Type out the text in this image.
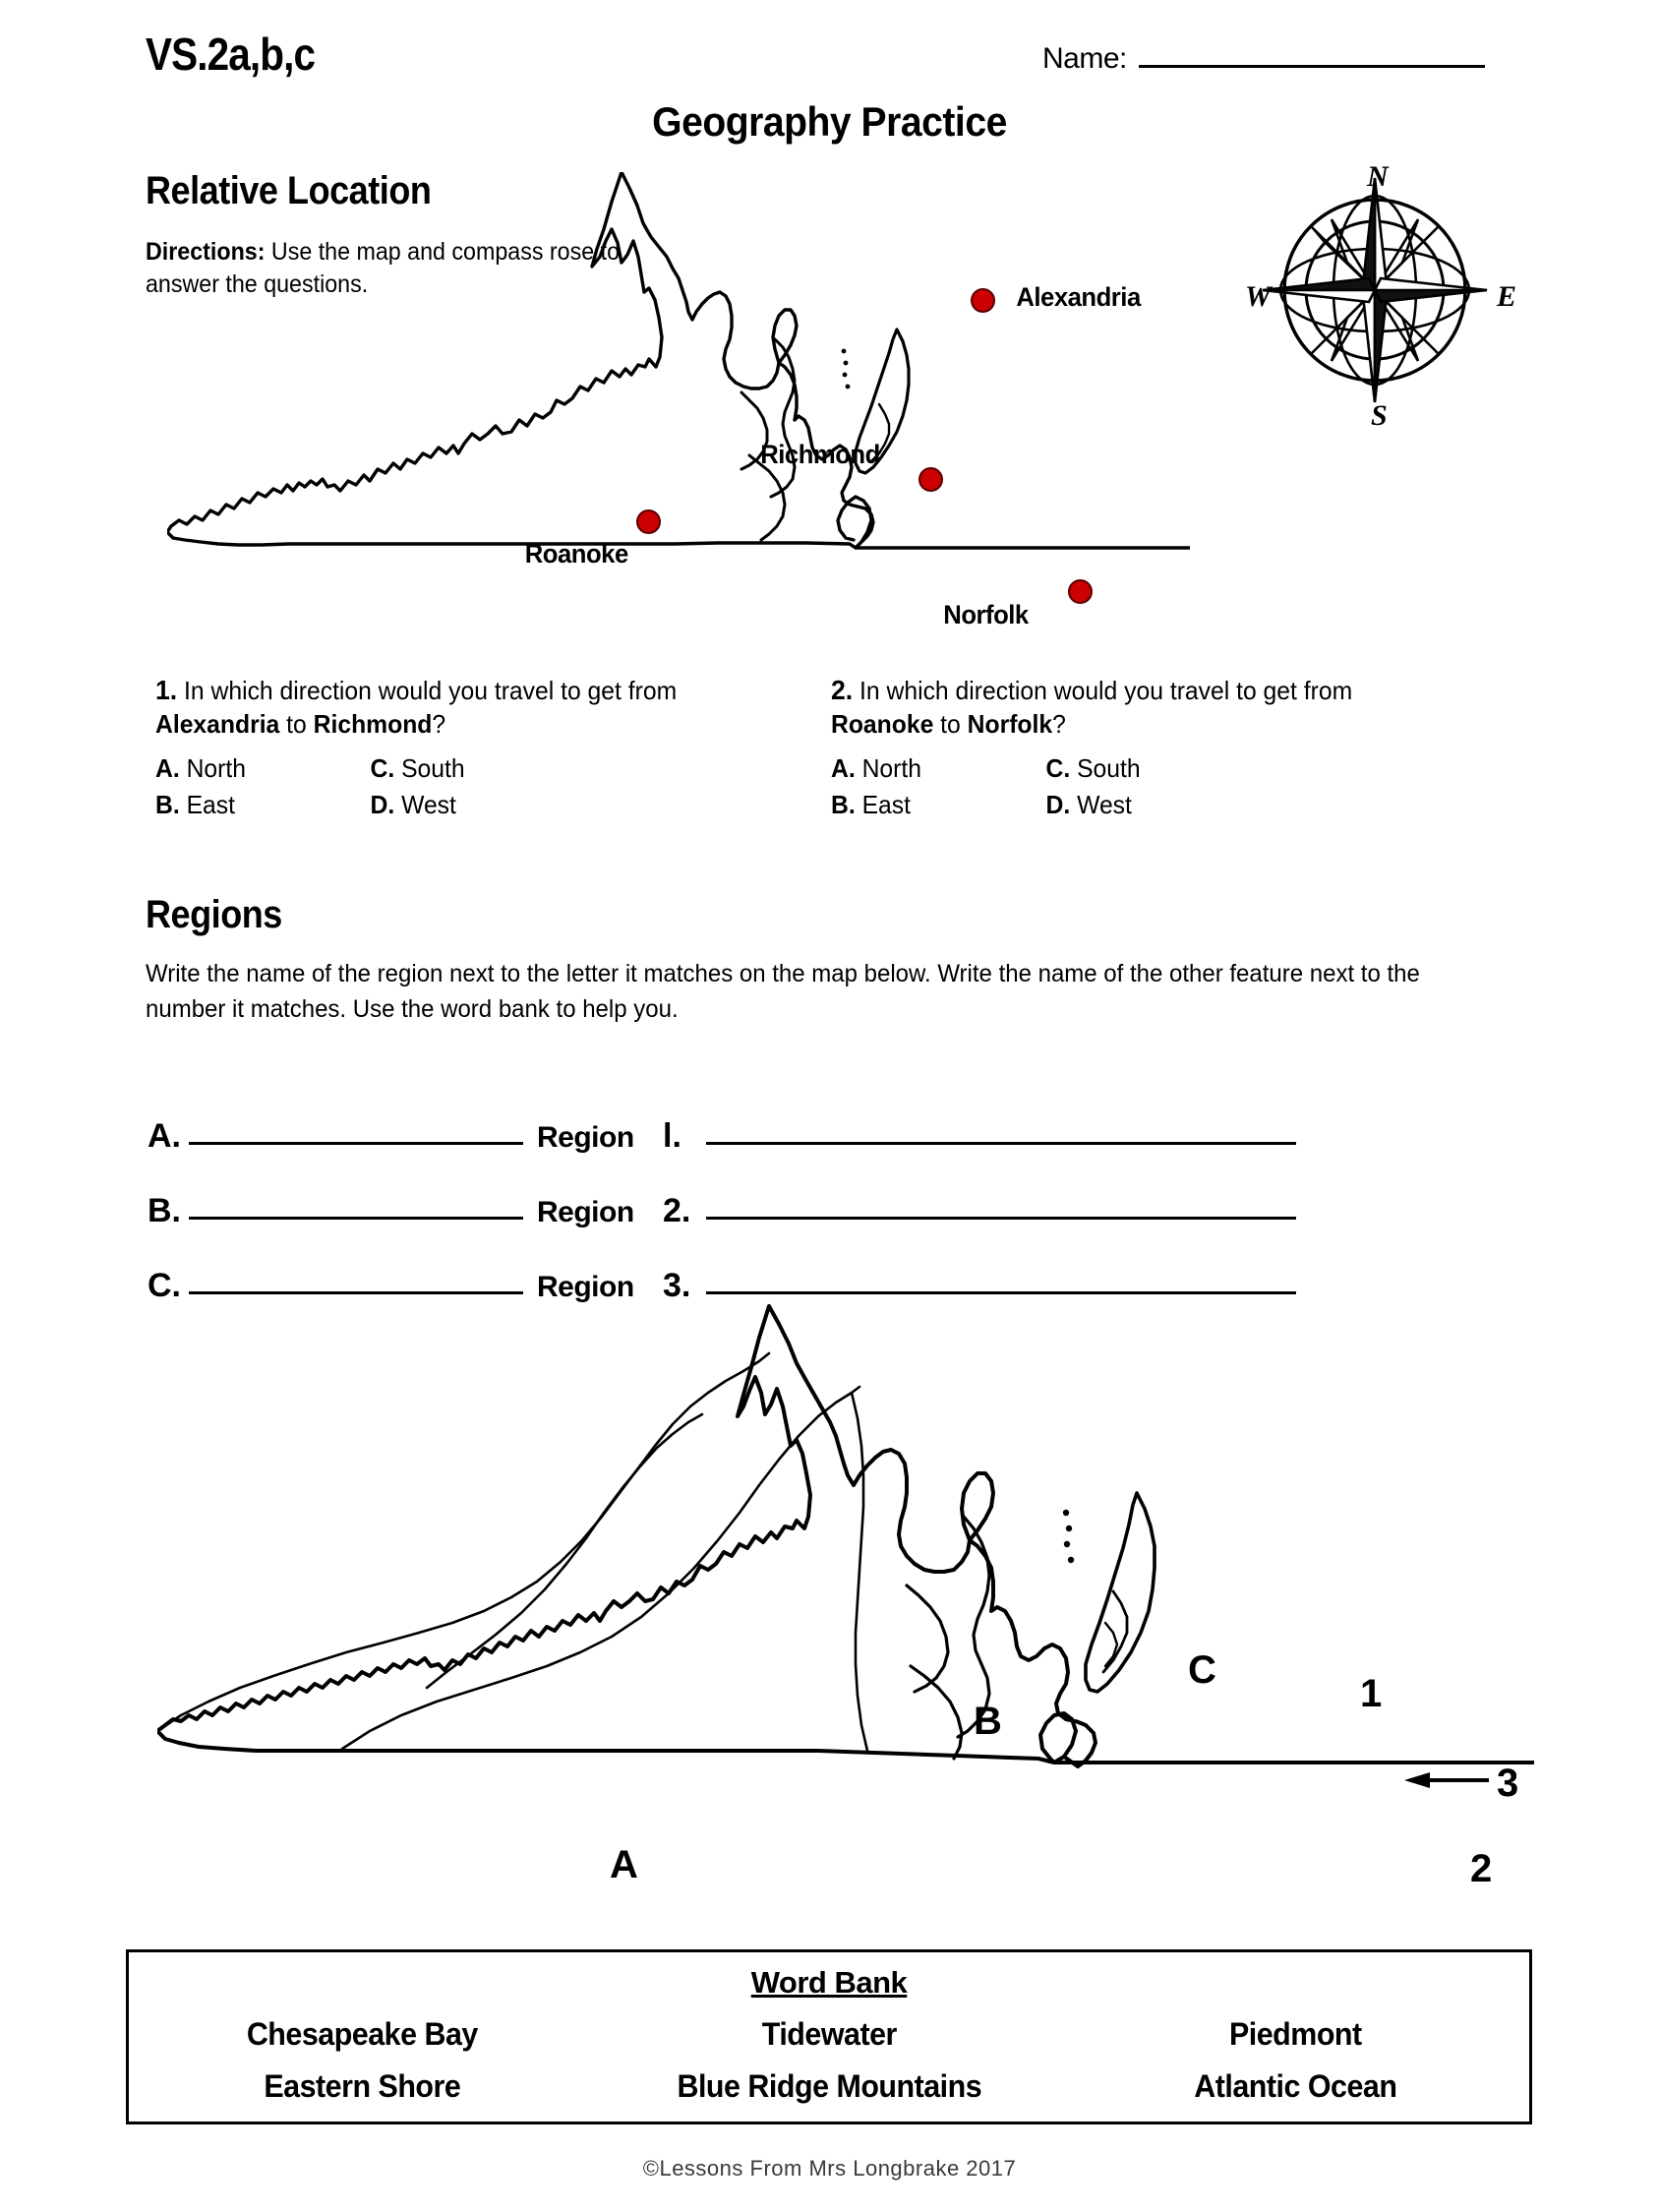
VS.2a,b,c	Name:
Geography Practice
Relative Location
Directions: Use the map and compass rose to answer the questions.	Alexandria
Richmond
Roanoke
Norfolk
N
W	E
S
1. In which direction would you travel to get from Alexandria to Richmond?
A. North	C. South
B. East	D. West
2. In which direction would you travel to get from Roanoke to Norfolk?
A. North	C. South
B. East	D. West
Regions
Write the name of the region next to the letter it matches on the map below. Write the name of the other feature next to the number it matches. Use the word bank to help you.
A.	Region l.
B.	Region 2.
C.	Region 3.
A
B
C
1
2
3
Word Bank
Chesapeake Bay	Tidewater	Piedmont
Eastern Shore	Blue Ridge Mountains	Atlantic Ocean
©Lessons From Mrs Longbrake 2017
